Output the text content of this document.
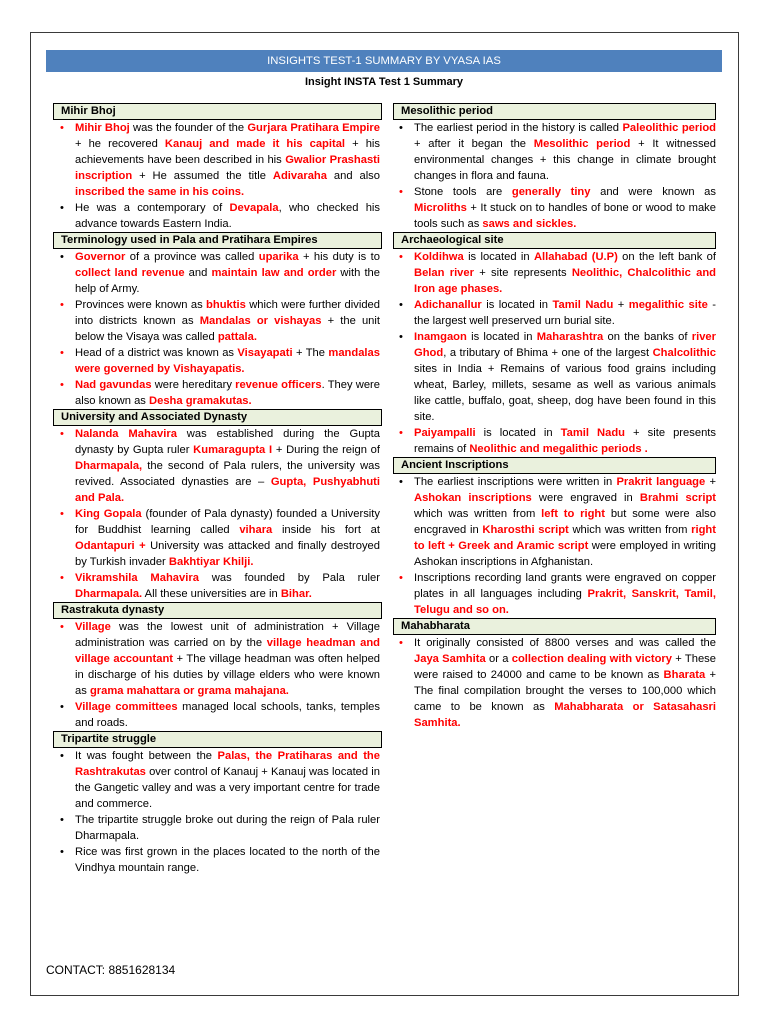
INSIGHTS TEST-1 SUMMARY BY VYASA IAS
Insight INSTA Test 1 Summary
Mihir Bhoj
•
Mihir Bhoj was the founder of the Gurjara Pratihara Empire + he recovered Kanauj and made it his capital + his achievements have been described in his Gwalior Prashasti inscription + He assumed the title Adivaraha and also inscribed the same in his coins.
•
He was a contemporary of Devapala, who checked his advance towards Eastern India.
Terminology used in Pala and Pratihara Empires
•
Governor of a province was called uparika + his duty is to collect land revenue and maintain law and order with the help of Army.
•
Provinces were known as bhuktis which were further divided into districts known as Mandalas or vishayas + the unit below the Visaya was called pattala.
•
Head of a district was known as Visayapati + The mandalas were governed by Vishayapatis.
•
Nad gavundas were hereditary revenue officers. They were also known as Desha gramakutas.
University and Associated Dynasty
•
Nalanda Mahavira was established during the Gupta dynasty by Gupta ruler Kumaragupta I + During the reign of Dharmapala, the second of Pala rulers, the university was revived. Associated dynasties are – Gupta, Pushyabhuti and Pala.
•
King Gopala (founder of Pala dynasty) founded a University for Buddhist learning called vihara inside his fort at Odantapuri + University was attacked and finally destroyed by Turkish invader Bakhtiyar Khilji.
•
Vikramshila Mahavira was founded by Pala ruler Dharmapala. All these universities are in Bihar.
Rastrakuta dynasty
•
Village was the lowest unit of administration + Village administration was carried on by the village headman and village accountant + The village headman was often helped in discharge of his duties by village elders who were known as grama mahattara or grama mahajana.
•
Village committees managed local schools, tanks, temples and roads.
Tripartite struggle
•
It was fought between the Palas, the Pratiharas and the Rashtrakutas over control of Kanauj + Kanauj was located in the Gangetic valley and was a very important centre for trade and commerce.
•
The tripartite struggle broke out during the reign of Pala ruler Dharmapala.
•
Rice was first grown in the places located to the north of the Vindhya mountain range.
Mesolithic period
•
The earliest period in the history is called Paleolithic period + after it began the Mesolithic period + It witnessed environmental changes + this change in climate brought changes in flora and fauna.
•
Stone tools are generally tiny and were known as Microliths + It stuck on to handles of bone or wood to make tools such as saws and sickles.
Archaeological site
•
Koldihwa is located in Allahabad (U.P) on the left bank of Belan river + site represents Neolithic, Chalcolithic and Iron age phases.
•
Adichanallur is located in Tamil Nadu + megalithic site - the largest well preserved urn burial site.
•
Inamgaon is located in Maharashtra on the banks of river Ghod, a tributary of Bhima + one of the largest Chalcolithic sites in India + Remains of various food grains including wheat, Barley, millets, sesame as well as various animals like cattle, buffalo, goat, sheep, dog have been found in this site.
•
Paiyampalli is located in Tamil Nadu + site presents remains of Neolithic and megalithic periods .
Ancient Inscriptions
•
The earliest inscriptions were written in Prakrit language + Ashokan inscriptions were engraved in Brahmi script which was written from left to right but some were also encgraved in Kharosthi script which was written from right to left + Greek and Aramic script were employed in writing Ashokan inscriptions in Afghanistan.
•
Inscriptions recording land grants were engraved on copper plates in all languages including Prakrit, Sanskrit, Tamil, Telugu and so on.
Mahabharata
•
It originally consisted of 8800 verses and was called the Jaya Samhita or a collection dealing with victory + These were raised to 24000 and came to be known as Bharata + The final compilation brought the verses to 100,000 which came to be known as Mahabharata or Satasahasri Samhita.
CONTACT: 8851628134
